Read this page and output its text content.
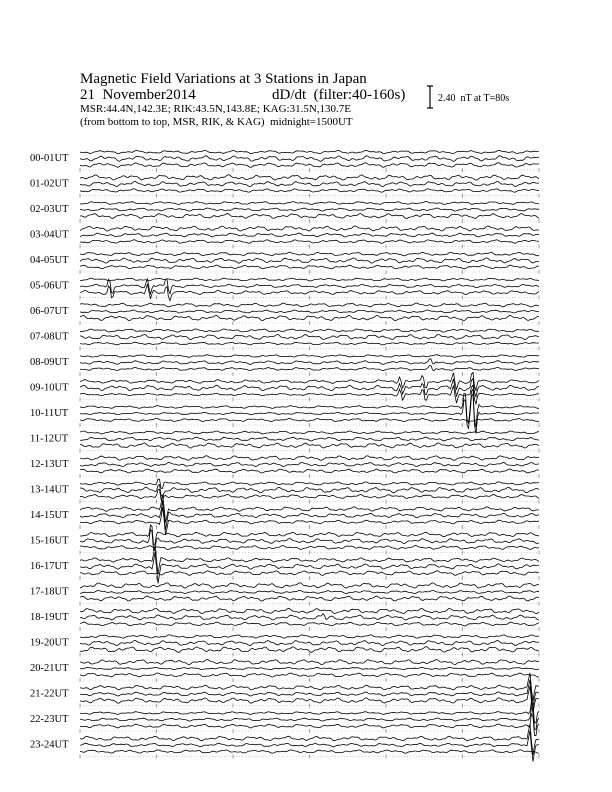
Magnetic Field Variations at 3 Stations in Japan
21  November2014	dD/dt  (filter:40-160s)
MSR:44.4N,142.3E; RIK:43.5N,143.8E; KAG:31.5N,130.7E
(from bottom to top, MSR, RIK, & KAG)  midnight=1500UT
2.40  nT at T=80s
00-01UT
01-02UT
02-03UT
03-04UT
04-05UT
05-06UT
06-07UT
07-08UT
08-09UT
09-10UT
10-11UT
11-12UT
12-13UT
13-14UT
14-15UT
15-16UT
16-17UT
17-18UT
18-19UT
19-20UT
20-21UT
21-22UT
22-23UT
23-24UT
